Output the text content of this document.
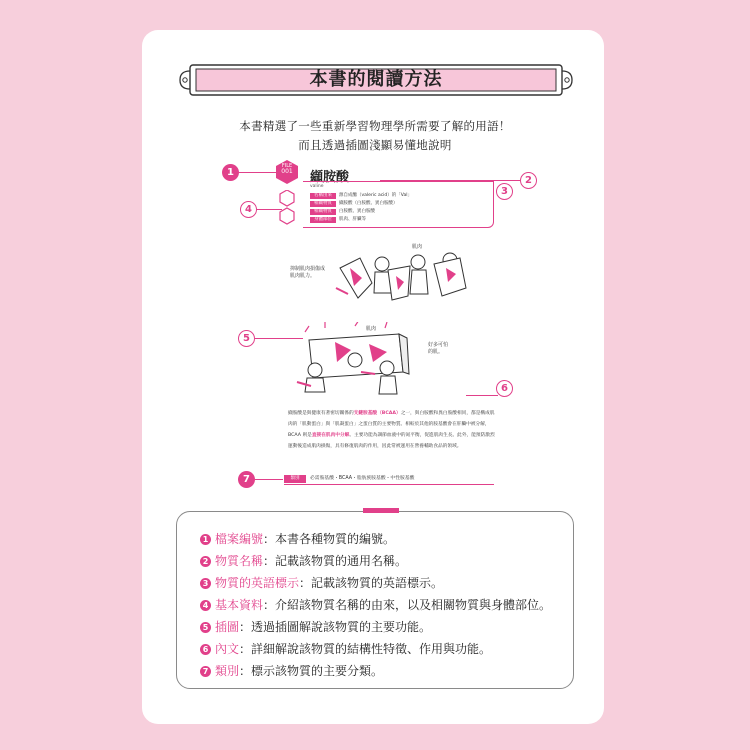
本書的閱讀方法
本書精選了一些重新學習物理學所需要了解的用語！
而且透過插圖淺顯易懂地說明
1
2
3
4
5
6
7
FILE
001	纈胺酸
valine
名稱由來 源自成醣（valeric acid）的「Val」
相關物質 纈胺酸（白胺酸、異白胺酸）
相關物質 白胺酸、異白胺酸
身體部位 肌肉、肝臟等
肌肉
抑制肌肉損傷成
肌肉肌力。
肌肉
好多可怕
的肌。
纈胺酸是與健康有著密切關係的支鏈胺基酸（BCAA）之一，與白胺酸和異白胺酸相同，都是構成肌肉的「肌動蛋白」與「肌凝蛋白」之蛋白質的主要物質。相較於其他的胺基酸會在肝臟中被分解，BCAA 則是直接在肌肉中分解。主要功能為調節血液中的氮平衡，促進肌肉生長。此外，能預防激烈運動後造成肌肉損傷，具有修復肌肉的作用，因此常被運用在營養輔助食品的領域。
類別	必需胺基酸・BCAA・脂肪族胺基酸・中性胺基酸
1 檔案編號：本書各種物質的編號。
2 物質名稱：記載該物質的通用名稱。
3 物質的英語標示：記載該物質的英語標示。
4 基本資料：介紹該物質名稱的由來，以及相關物質與身體部位。
5 插圖：透過插圖解說該物質的主要功能。
6 內文：詳細解說該物質的結構性特徵、作用與功能。
7 類別：標示該物質的主要分類。
